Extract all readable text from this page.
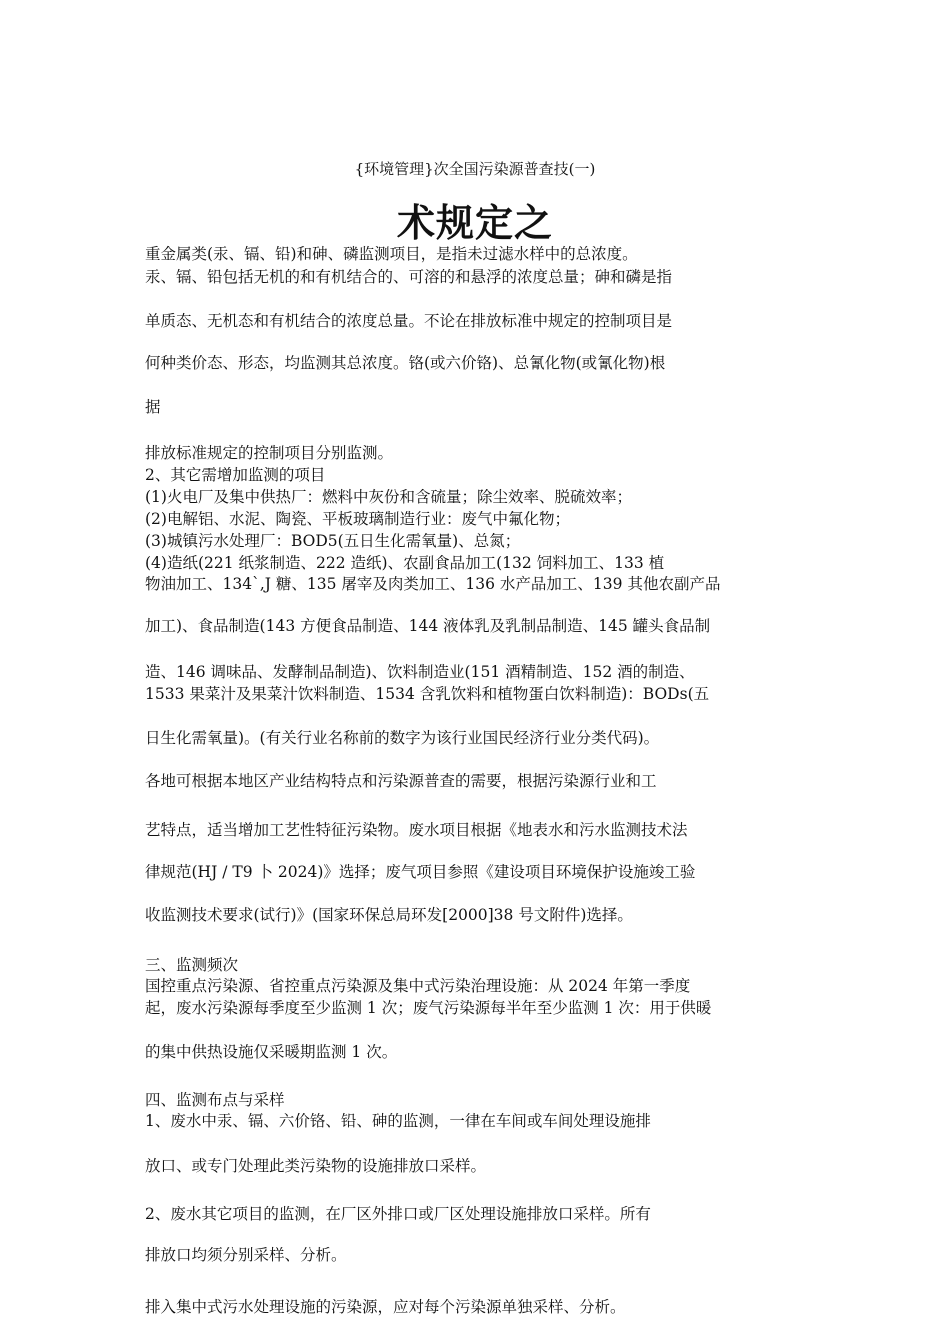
{环境管理}次全国污染源普查技(一)
术规定之
重金属类(汞、镉、铅)和砷、磷监测项目，是指未过滤水样中的总浓度。
汞、镉、铅包括无机的和有机结合的、可溶的和悬浮的浓度总量；砷和磷是指
单质态、无机态和有机结合的浓度总量。不论在排放标准中规定的控制项目是
何种类价态、形态，均监测其总浓度。铬(或六价铬)、总氰化物(或氰化物)根
据
排放标准规定的控制项目分别监测。
2、其它需增加监测的项目
(1)火电厂及集中供热厂：燃料中灰份和含硫量；除尘效率、脱硫效率；
(2)电解铝、水泥、陶瓷、平板玻璃制造行业：废气中氟化物；
(3)城镇污水处理厂：BOD5(五日生化需氧量)、总氮；
(4)造纸(221 纸浆制造、222 造纸)、农副食品加工(132 饲料加工、133 植
物油加工、134`,J 糖、135 屠宰及肉类加工、136 水产品加工、139 其他农副产品
加工)、食品制造(143 方便食品制造、144 液体乳及乳制品制造、145 罐头食品制
造、146 调味品、发酵制品制造)、饮料制造业(151 酒精制造、152 酒的制造、
1533 果菜汁及果菜汁饮料制造、1534 含乳饮料和植物蛋白饮料制造)：BODs(五
日生化需氧量)。(有关行业名称前的数字为该行业国民经济行业分类代码)。
各地可根据本地区产业结构特点和污染源普查的需要，根据污染源行业和工
艺特点，适当增加工艺性特征污染物。废水项目根据《地表水和污水监测技术法
律规范(HJ / T9 卜 2024)》选择；废气项目参照《建设项目环境保护设施竣工验
收监测技术要求(试行)》(国家环保总局环发[2000]38 号文附件)选择。
三、监测频次
国控重点污染源、省控重点污染源及集中式污染治理设施：从 2024 年第一季度
起，废水污染源每季度至少监测 1 次；废气污染源每半年至少监测 1 次：用于供暖
的集中供热设施仅采暖期监测 1 次。
四、监测布点与采样
1、废水中汞、镉、六价铬、铅、砷的监测，一律在车间或车间处理设施排
放口、或专门处理此类污染物的设施排放口采样。
2、废水其它项目的监测，在厂区外排口或厂区处理设施排放口采样。所有
排放口均须分别采样、分析。
排入集中式污水处理设施的污染源，应对每个污染源单独采样、分析。
